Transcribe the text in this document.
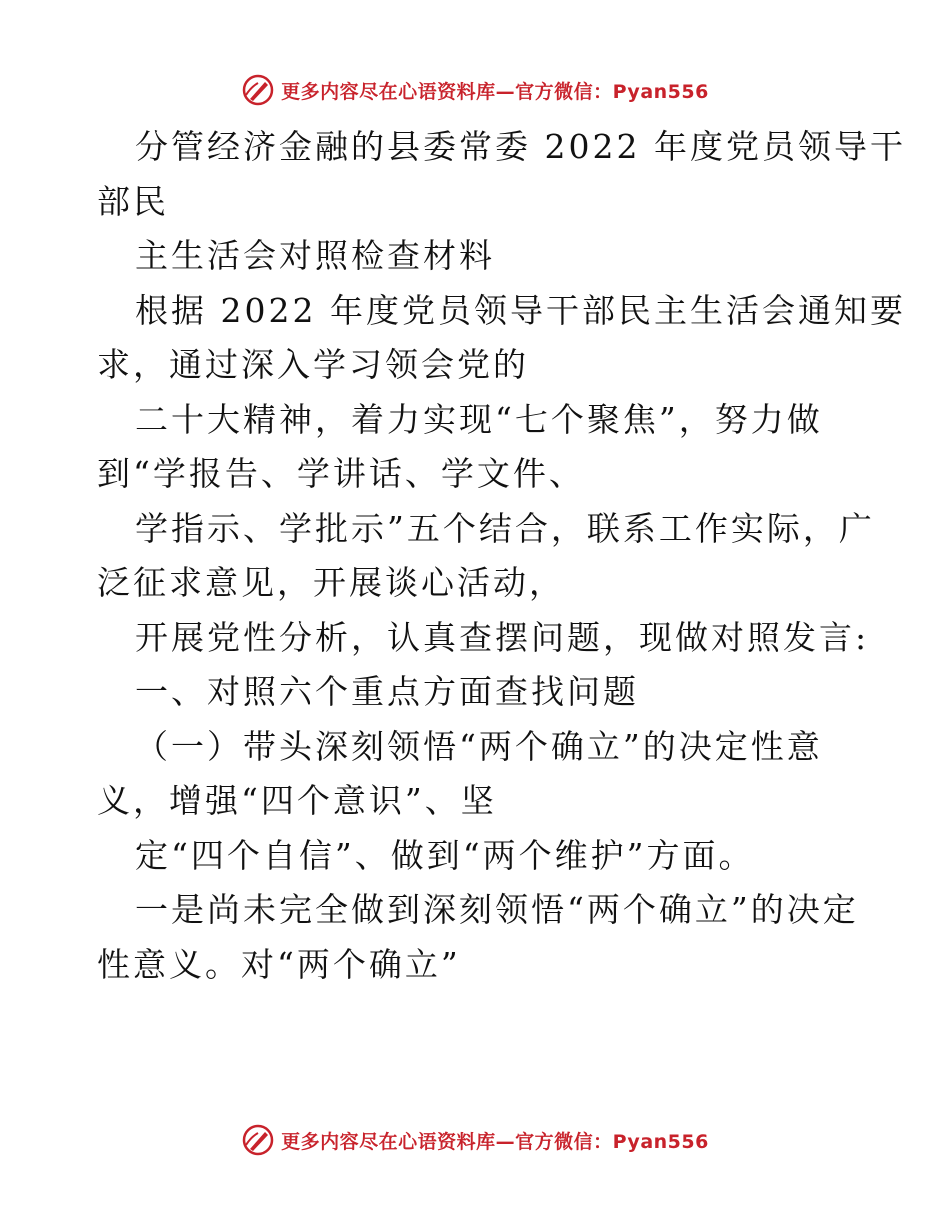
更多内容尽在心语资料库—官方微信：Pyan556
分管经济金融的县委常委 2022 年度党员领导干
部民
主生活会对照检查材料
根据 2022 年度党员领导干部民主生活会通知要
求，通过深入学习领会党的
二十大精神，着力实现“七个聚焦”，努力做
到“学报告、学讲话、学文件、
学指示、学批示”五个结合，联系工作实际，广
泛征求意见，开展谈心活动，
开展党性分析，认真查摆问题，现做对照发言:
一、对照六个重点方面查找问题
（一）带头深刻领悟“两个确立”的决定性意
义，增强“四个意识”、坚
定“四个自信”、做到“两个维护”方面。
一是尚未完全做到深刻领悟“两个确立”的决定
性意义。对“两个确立”
更多内容尽在心语资料库—官方微信：Pyan556
